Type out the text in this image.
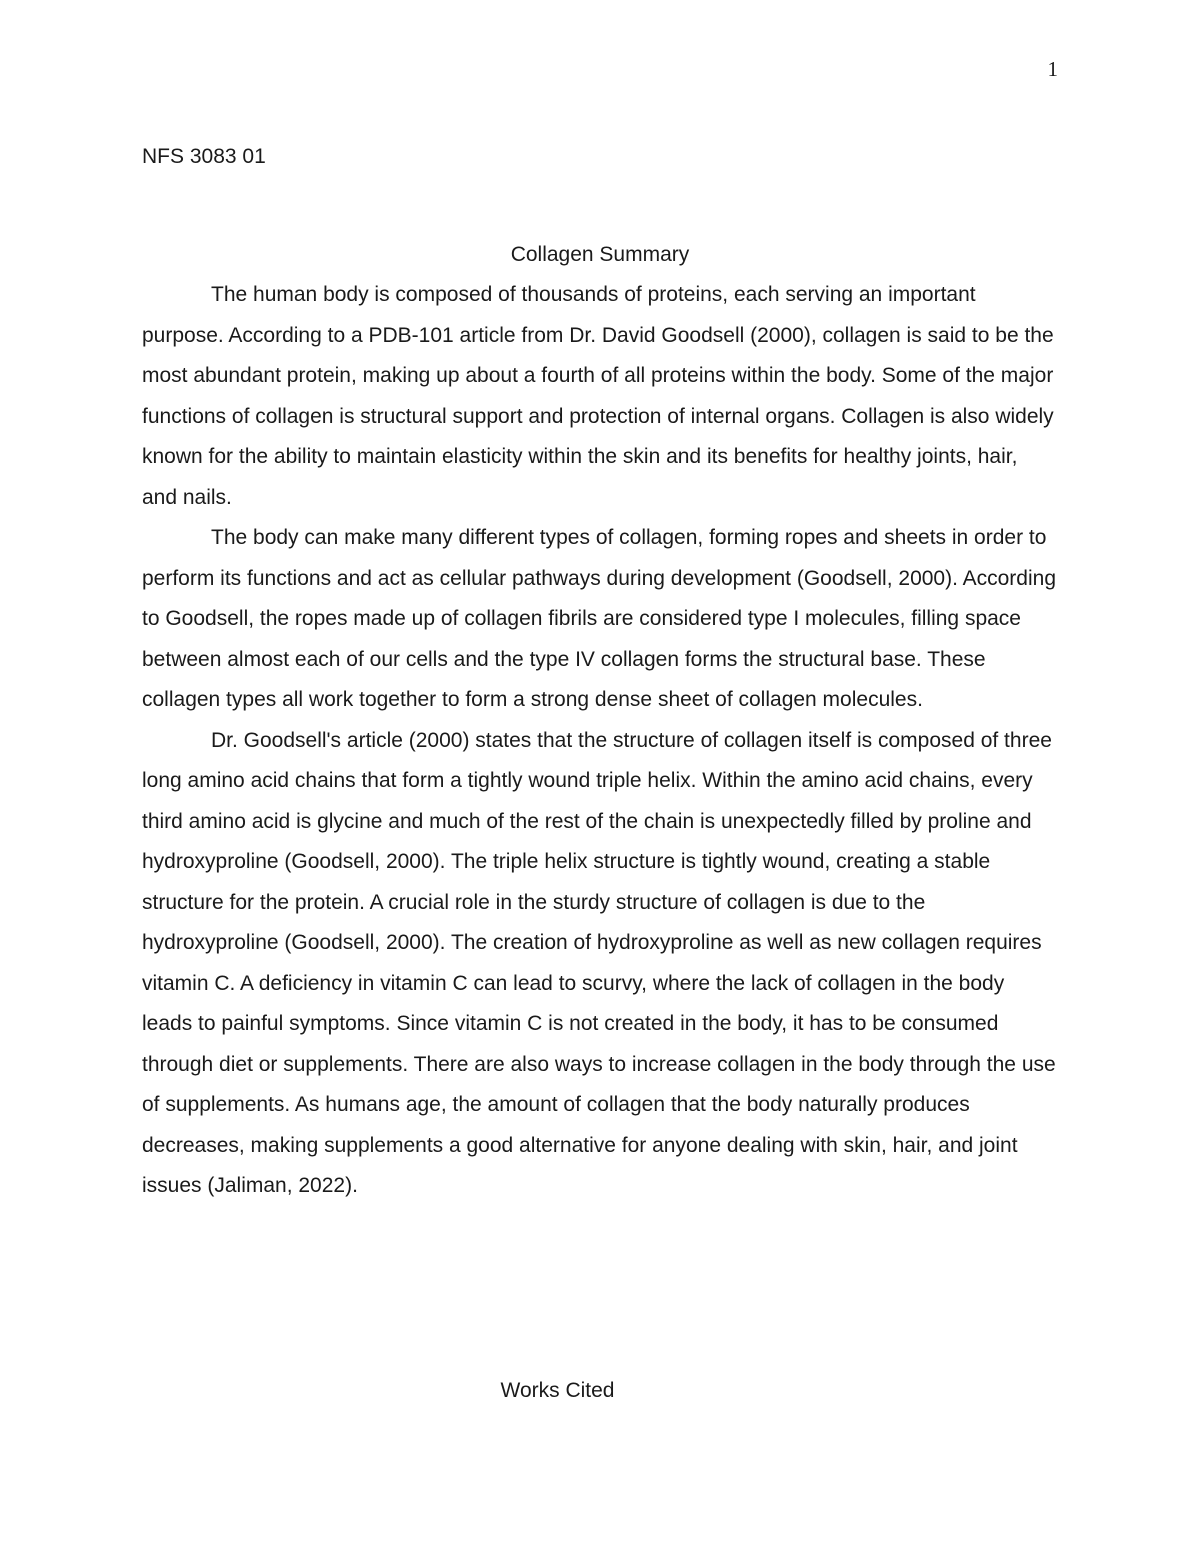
1
NFS 3083 01
Collagen Summary

The human body is composed of thousands of proteins, each serving an important purpose. According to a PDB-101 article from Dr. David Goodsell (2000), collagen is said to be the most abundant protein, making up about a fourth of all proteins within the body. Some of the major functions of collagen is structural support and protection of internal organs. Collagen is also widely known for the ability to maintain elasticity within the skin and its benefits for healthy joints, hair, and nails.

The body can make many different types of collagen, forming ropes and sheets in order to perform its functions and act as cellular pathways during development (Goodsell, 2000). According to Goodsell, the ropes made up of collagen fibrils are considered type I molecules, filling space between almost each of our cells and the type IV collagen forms the structural base. These collagen types all work together to form a strong dense sheet of collagen molecules.

Dr. Goodsell's article (2000) states that the structure of collagen itself is composed of three long amino acid chains that form a tightly wound triple helix. Within the amino acid chains, every third amino acid is glycine and much of the rest of the chain is unexpectedly filled by proline and hydroxyproline (Goodsell, 2000). The triple helix structure is tightly wound, creating a stable structure for the protein. A crucial role in the sturdy structure of collagen is due to the hydroxyproline (Goodsell, 2000). The creation of hydroxyproline as well as new collagen requires vitamin C. A deficiency in vitamin C can lead to scurvy, where the lack of collagen in the body leads to painful symptoms. Since vitamin C is not created in the body, it has to be consumed through diet or supplements. There are also ways to increase collagen in the body through the use of supplements. As humans age, the amount of collagen that the body naturally produces decreases, making supplements a good alternative for anyone dealing with skin, hair, and joint issues (Jaliman, 2022).

Works Cited
